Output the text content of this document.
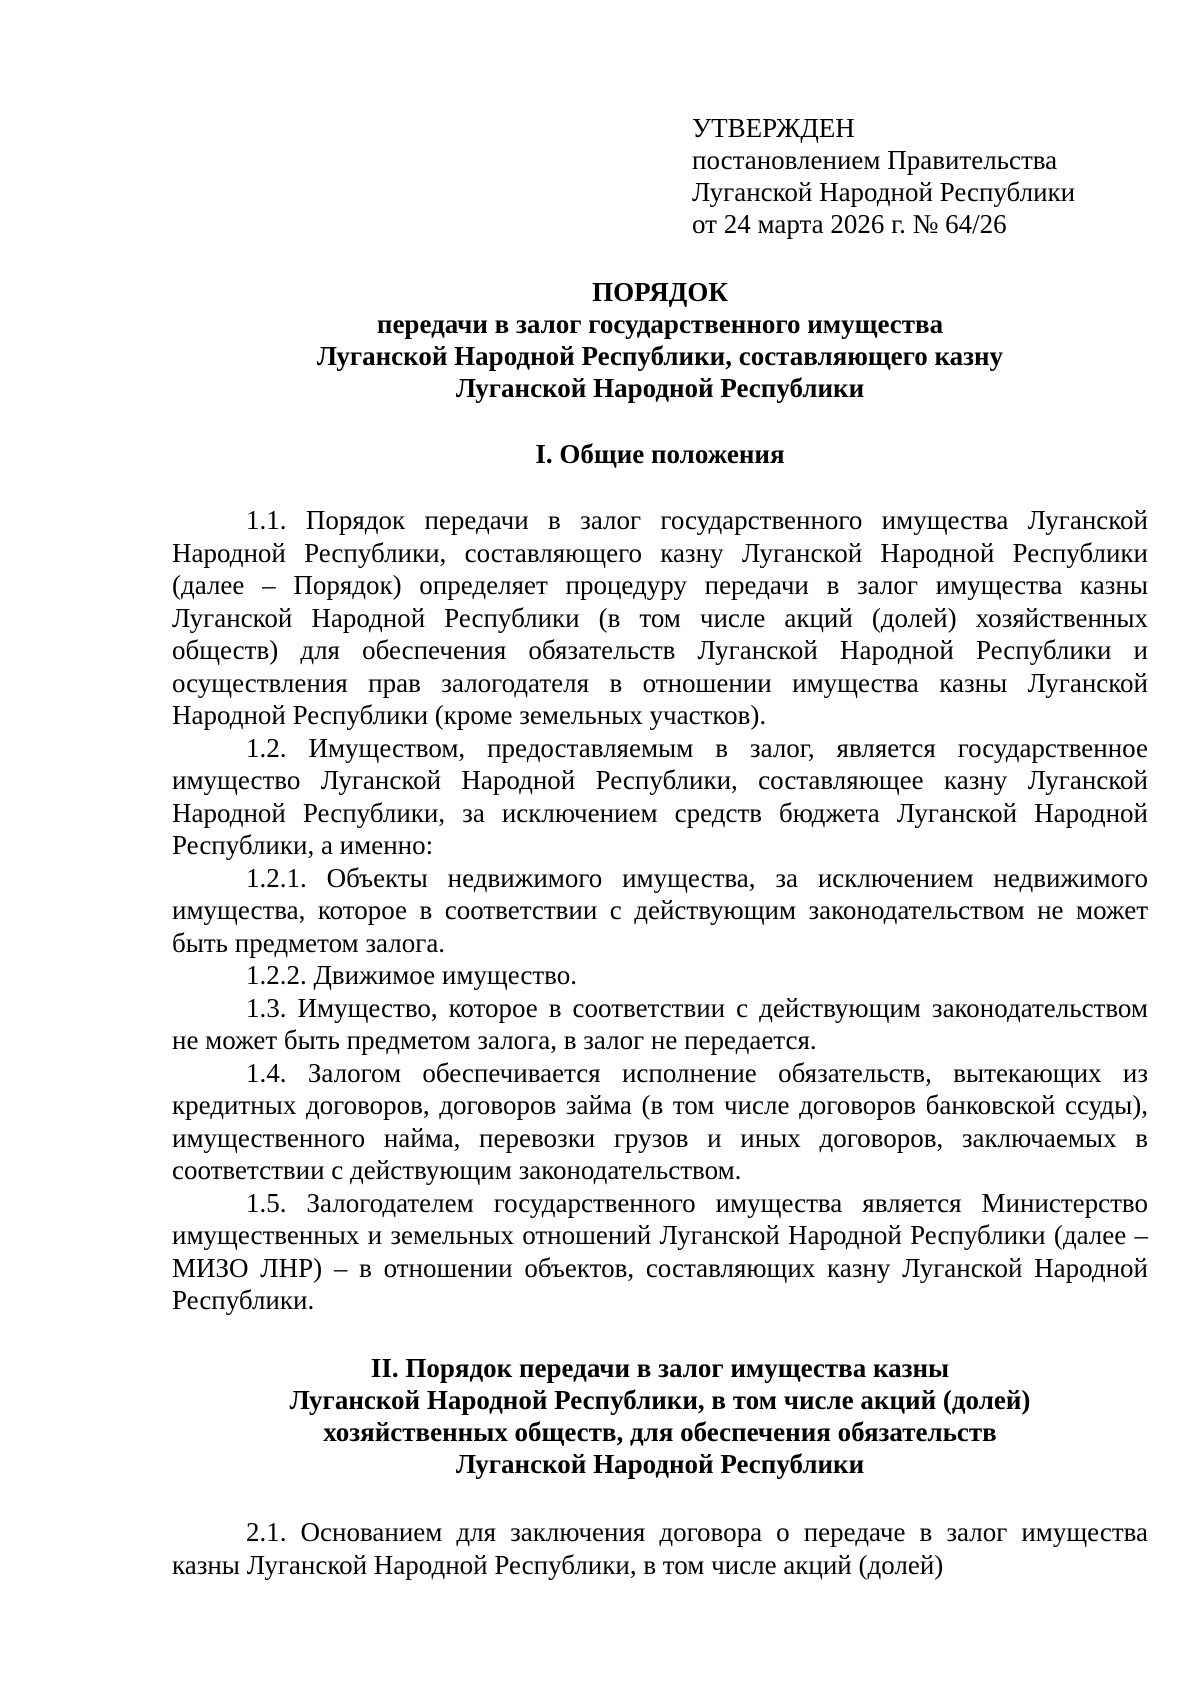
УТВЕРЖДЕН
постановлением Правительства
Луганской Народной Республики
от 24 марта 2026 г. № 64/26
ПОРЯДОК
передачи в залог государственного имущества
Луганской Народной Республики, составляющего казну
Луганской Народной Республики
I. Общие положения

1.1. Порядок передачи в залог государственного имущества Луганской Народной Республики, составляющего казну Луганской Народной Республики (далее – Порядок) определяет процедуру передачи в залог имущества казны Луганской Народной Республики (в том числе акций (долей) хозяйственных обществ) для обеспечения обязательств Луганской Народной Республики и осуществления прав залогодателя в отношении имущества казны Луганской Народной Республики (кроме земельных участков).

1.2. Имуществом, предоставляемым в залог, является государственное имущество Луганской Народной Республики, составляющее казну Луганской Народной Республики, за исключением средств бюджета Луганской Народной Республики, а именно:

1.2.1. Объекты недвижимого имущества, за исключением недвижимого имущества, которое в соответствии с действующим законодательством не может быть предметом залога.

1.2.2. Движимое имущество.

1.3. Имущество, которое в соответствии с действующим законодательством не может быть предметом залога, в залог не передается.

1.4. Залогом обеспечивается исполнение обязательств, вытекающих из кредитных договоров, договоров займа (в том числе договоров банковской ссуды), имущественного найма, перевозки грузов и иных договоров, заключаемых в соответствии с действующим законодательством.

1.5. Залогодателем государственного имущества является Министерство имущественных и земельных отношений Луганской Народной Республики (далее – МИЗО ЛНР) – в отношении объектов, составляющих казну Луганской Народной Республики.

II. Порядок передачи в залог имущества казны
Луганской Народной Республики, в том числе акций (долей)
хозяйственных обществ, для обеспечения обязательств
Луганской Народной Республики

2.1. Основанием для заключения договора о передаче в залог имущества казны Луганской Народной Республики, в том числе акций (долей)
